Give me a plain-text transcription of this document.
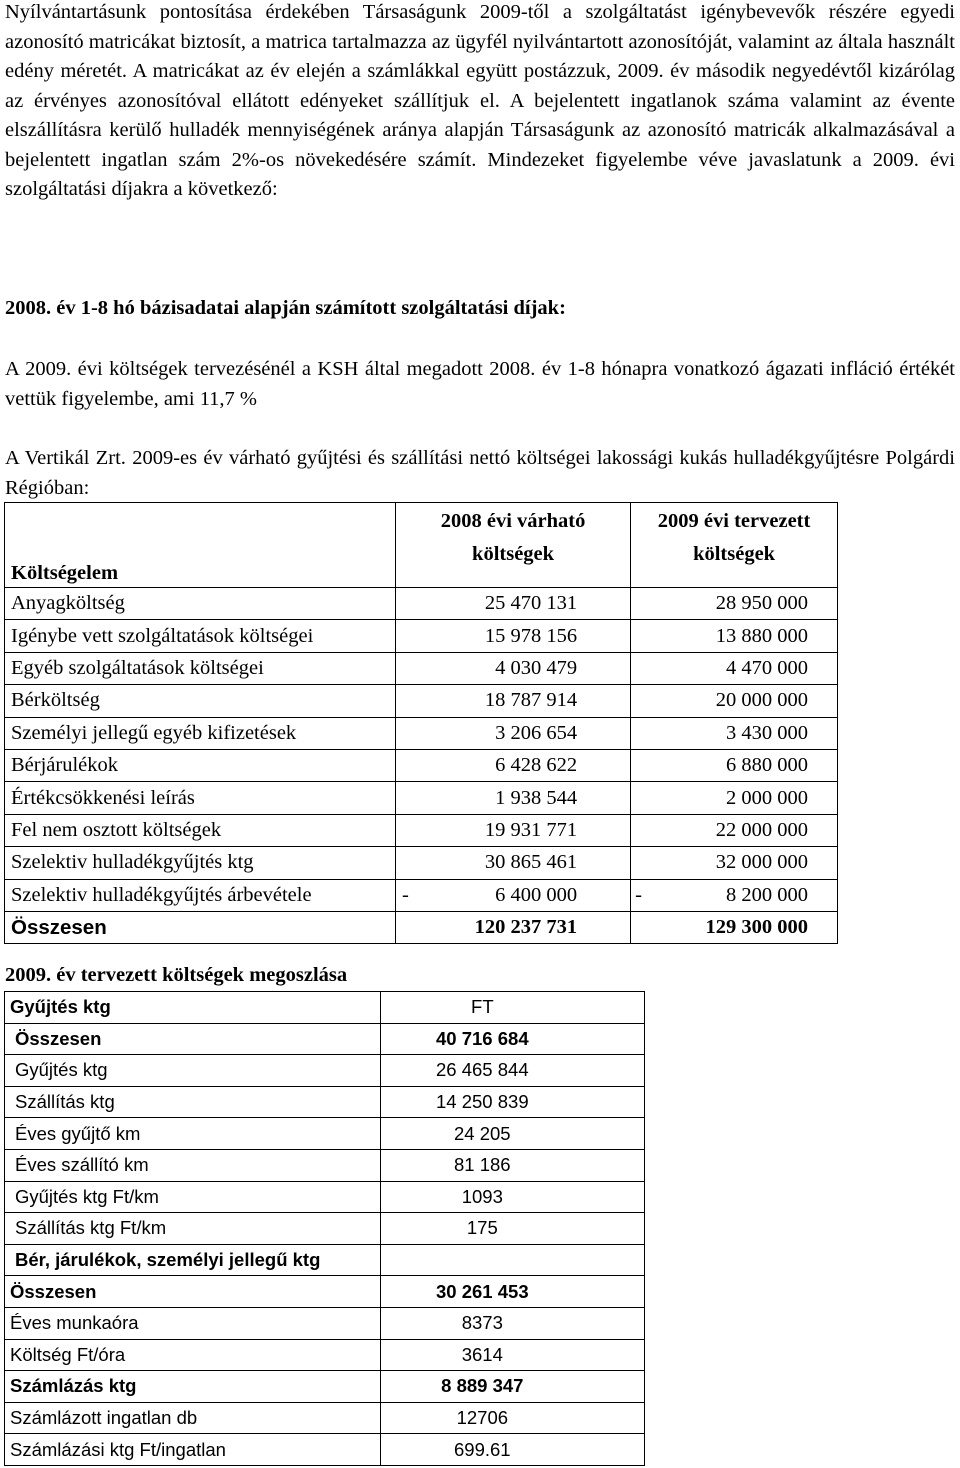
Nyílvántartásunk pontosítása érdekében Társaságunk 2009-től a szolgáltatást igénybevevők részére egyedi azonosító matricákat biztosít, a matrica tartalmazza az ügyfél nyilvántartott azonosítóját, valamint az általa használt edény méretét. A matricákat az év elején a számlákkal együtt postázzuk, 2009. év második negyedévtől kizárólag az érvényes azonosítóval ellátott edényeket szállítjuk el. A bejelentett ingatlanok száma valamint az évente elszállításra kerülő hulladék mennyiségének aránya alapján Társaságunk az azonosító matricák alkalmazásával a bejelentett ingatlan szám 2%-os növekedésére számít. Mindezeket figyelembe véve javaslatunk a 2009. évi szolgáltatási díjakra a következő:

2008. év 1-8 hó bázisadatai alapján számított szolgáltatási díjak:

A 2009. évi költségek tervezésénél a KSH által megadott 2008. év 1-8 hónapra vonatkozó ágazati infláció értékét vettük figyelembe, ami 11,7 %

A Vertikál Zrt. 2009-es év várható gyűjtési és szállítási nettó költségei lakossági kukás hulladékgyűjtésre Polgárdi Régióban:

Költségelem	2008 évi várható költségek	2009 évi tervezett költségek
Anyagköltség	25 470 131	28 950 000
Igénybe vett szolgáltatások költségei	15 978 156	13 880 000
Egyéb szolgáltatások költségei	4 030 479	4 470 000
Bérköltség	18 787 914	20 000 000
Személyi jellegű egyéb kifizetések	3 206 654	3 430 000
Bérjárulékok	6 428 622	6 880 000
Értékcsökkenési leírás	1 938 544	2 000 000
Fel nem osztott költségek	19 931 771	22 000 000
Szelektiv hulladékgyűjtés ktg	30 865 461	32 000 000
Szelektiv hulladékgyűjtés árbevétele	- 6 400 000	- 8 200 000
Összesen	120 237 731	129 300 000

2009. év tervezett költségek megoszlása

Gyűjtés ktg	FT
Összesen	40 716 684
Gyűjtés ktg	26 465 844
Szállítás ktg	14 250 839
Éves gyűjtő km	24 205
Éves szállító km	81 186
Gyűjtés ktg Ft/km	1093
Szállítás ktg Ft/km	175
Bér, járulékok, személyi jellegű ktg	
Összesen	30 261 453
Éves munkaóra	8373
Költség Ft/óra	3614
Számlázás ktg	8 889 347
Számlázott ingatlan db	12706
Számlázási ktg Ft/ingatlan	699.61
